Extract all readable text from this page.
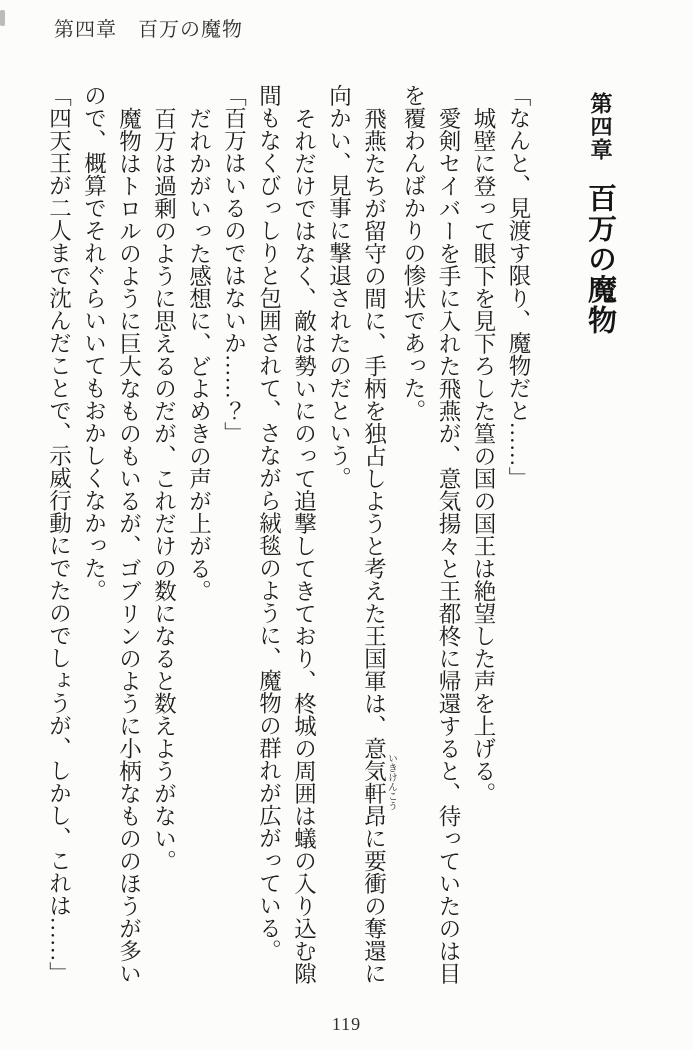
第四章　百万の魔物
第四章百万の魔物
「なんと、見渡す限り、魔物だと……」
城壁に登って眼下を見下ろした篁の国の国王は絶望した声を上げる。
愛剣セイバーを手に入れた飛燕が、意気揚々と王都柊に帰還すると、待っていたのは目
を覆わんばかりの惨状であった。
飛燕たちが留守の間に、手柄を独占しようと考えた王国軍は、意気軒昂 いきけんこうに要衝の奪還に
向かい、見事に撃退されたのだという。
それだけではなく、敵は勢いにのって追撃してきており、柊城の周囲は蟻の入り込む隙
間もなくびっしりと包囲されて、さながら絨毯のように、魔物の群れが広がっている。
「百万はいるのではないか……？」
だれかがいった感想に、どよめきの声が上がる。
百万は過剰のように思えるのだが、これだけの数になると数えようがない。
魔物はトロルのように巨大なものもいるが、ゴブリンのように小柄なもののほうが多い
ので、概算でそれぐらいいてもおかしくなかった。
「四天王が二人まで沈んだことで、示威行動にでたのでしょうが、しかし、これは……」
119
